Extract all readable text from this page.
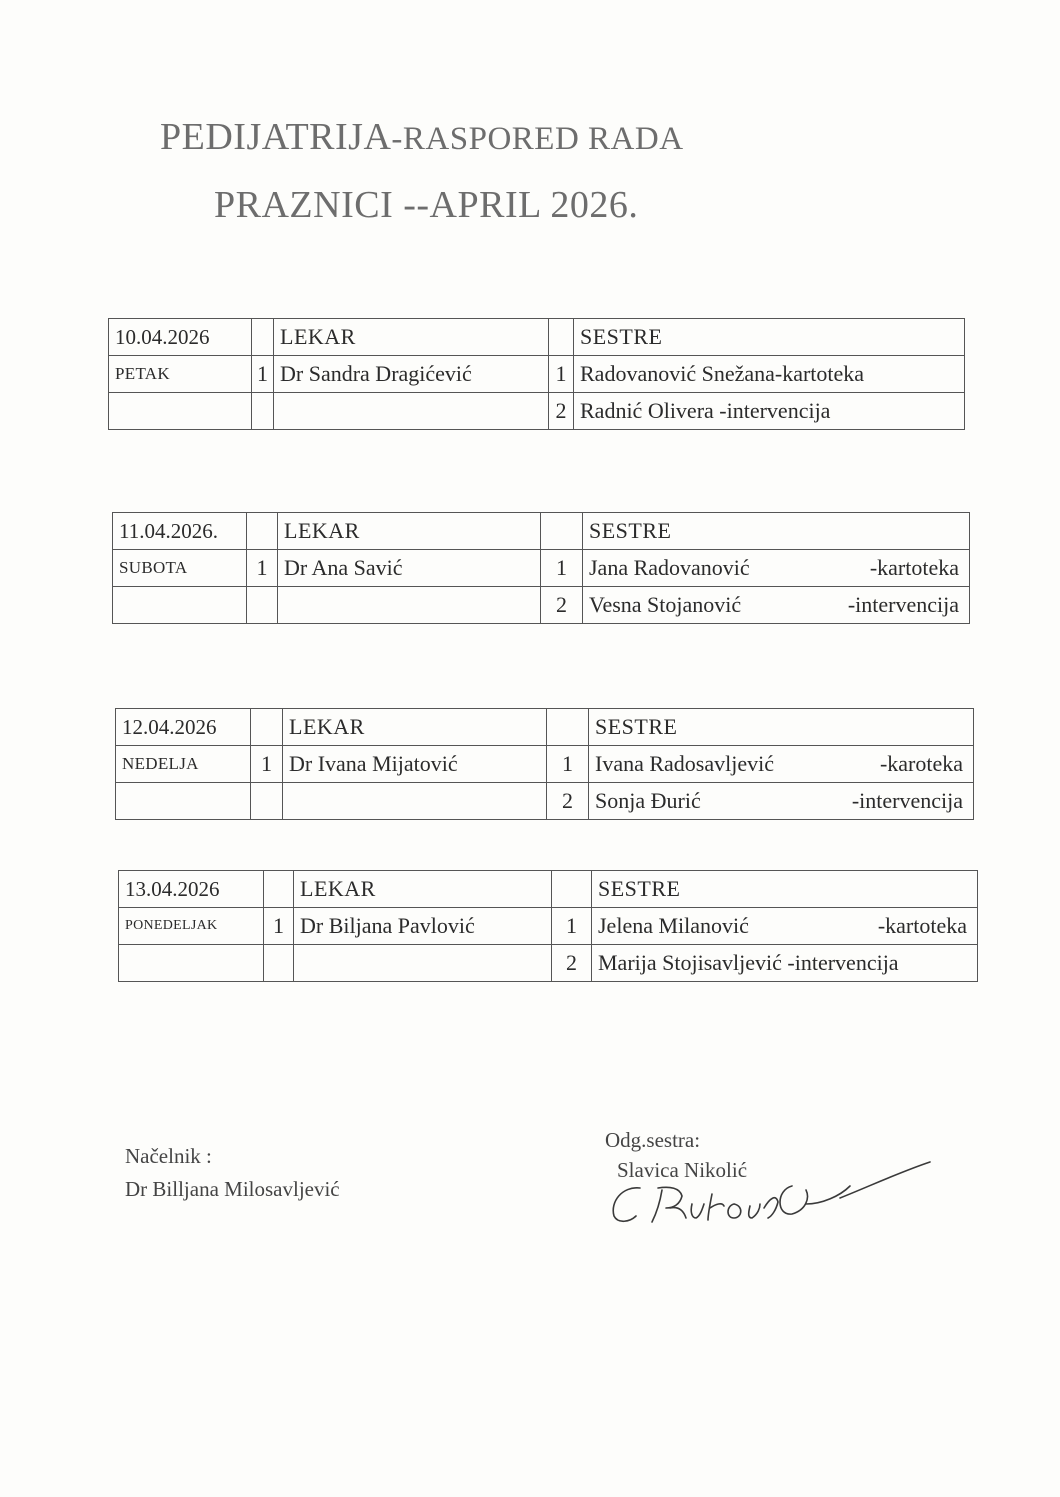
PEDIJATRIJA-RASPORED RADA
PRAZNICI --APRIL 2026.
10.04.2026		LEKAR		SESTRE
PETAK	1	Dr Sandra Dragićević	1	Radovanović Snežana-kartoteka
			2	Radnić Olivera -intervencija
11.04.2026.		LEKAR		SESTRE
SUBOTA	1	Dr Ana Savić	1	Jana Radovanović -kartoteka

			2	Vesna Stojanović -intervencija
12.04.2026		LEKAR		SESTRE
NEDELJA	1	Dr Ivana Mijatović	1	Ivana Radosavljević -karoteka

			2	Sonja Đurić -intervencija
13.04.2026		LEKAR		SESTRE
PONEDELJAK	1	Dr Biljana Pavlović	1	Jelena Milanović -kartoteka

			2	Marija Stojisavljević -intervencija
Načelnik :
Dr Billjana Milosavljević
Odg.sestra:
Slavica Nikolić
